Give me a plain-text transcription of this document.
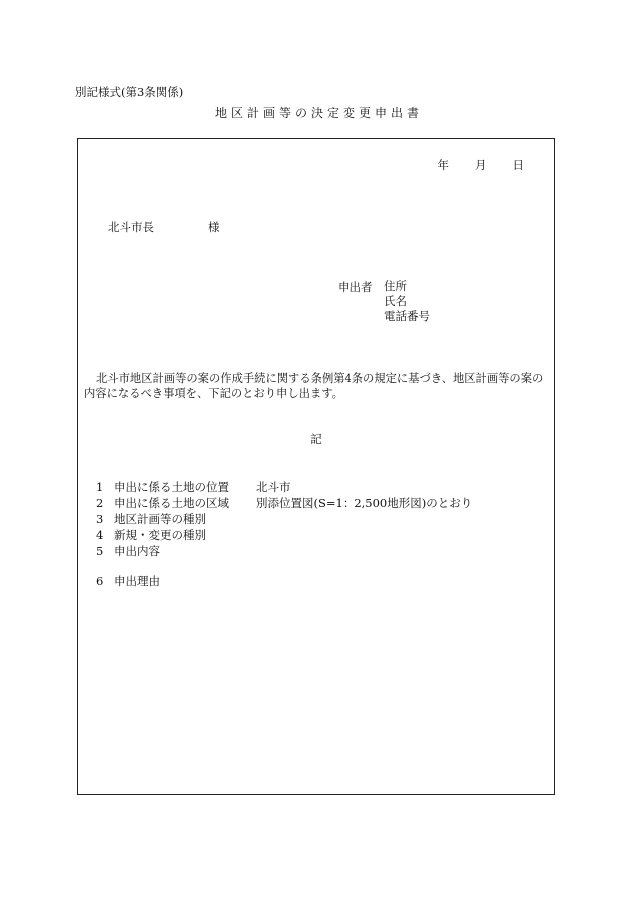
別記様式(第3条関係)
地区計画等の決定変更申出書
年 月 日
北斗市長	様
申出者 住所
氏名
電話番号
北斗市地区計画等の案の作成手続に関する条例第4条の規定に基づき、地区計画等の案の内容になるべき事項を、下記のとおり申し出ます。
記
1 申出に係る土地の位置 北斗市
2 申出に係る土地の区域 別添位置図(S=1：2,500地形図)のとおり
3 地区計画等の種別
4 新規・変更の種別
5 申出内容
6 申出理由
